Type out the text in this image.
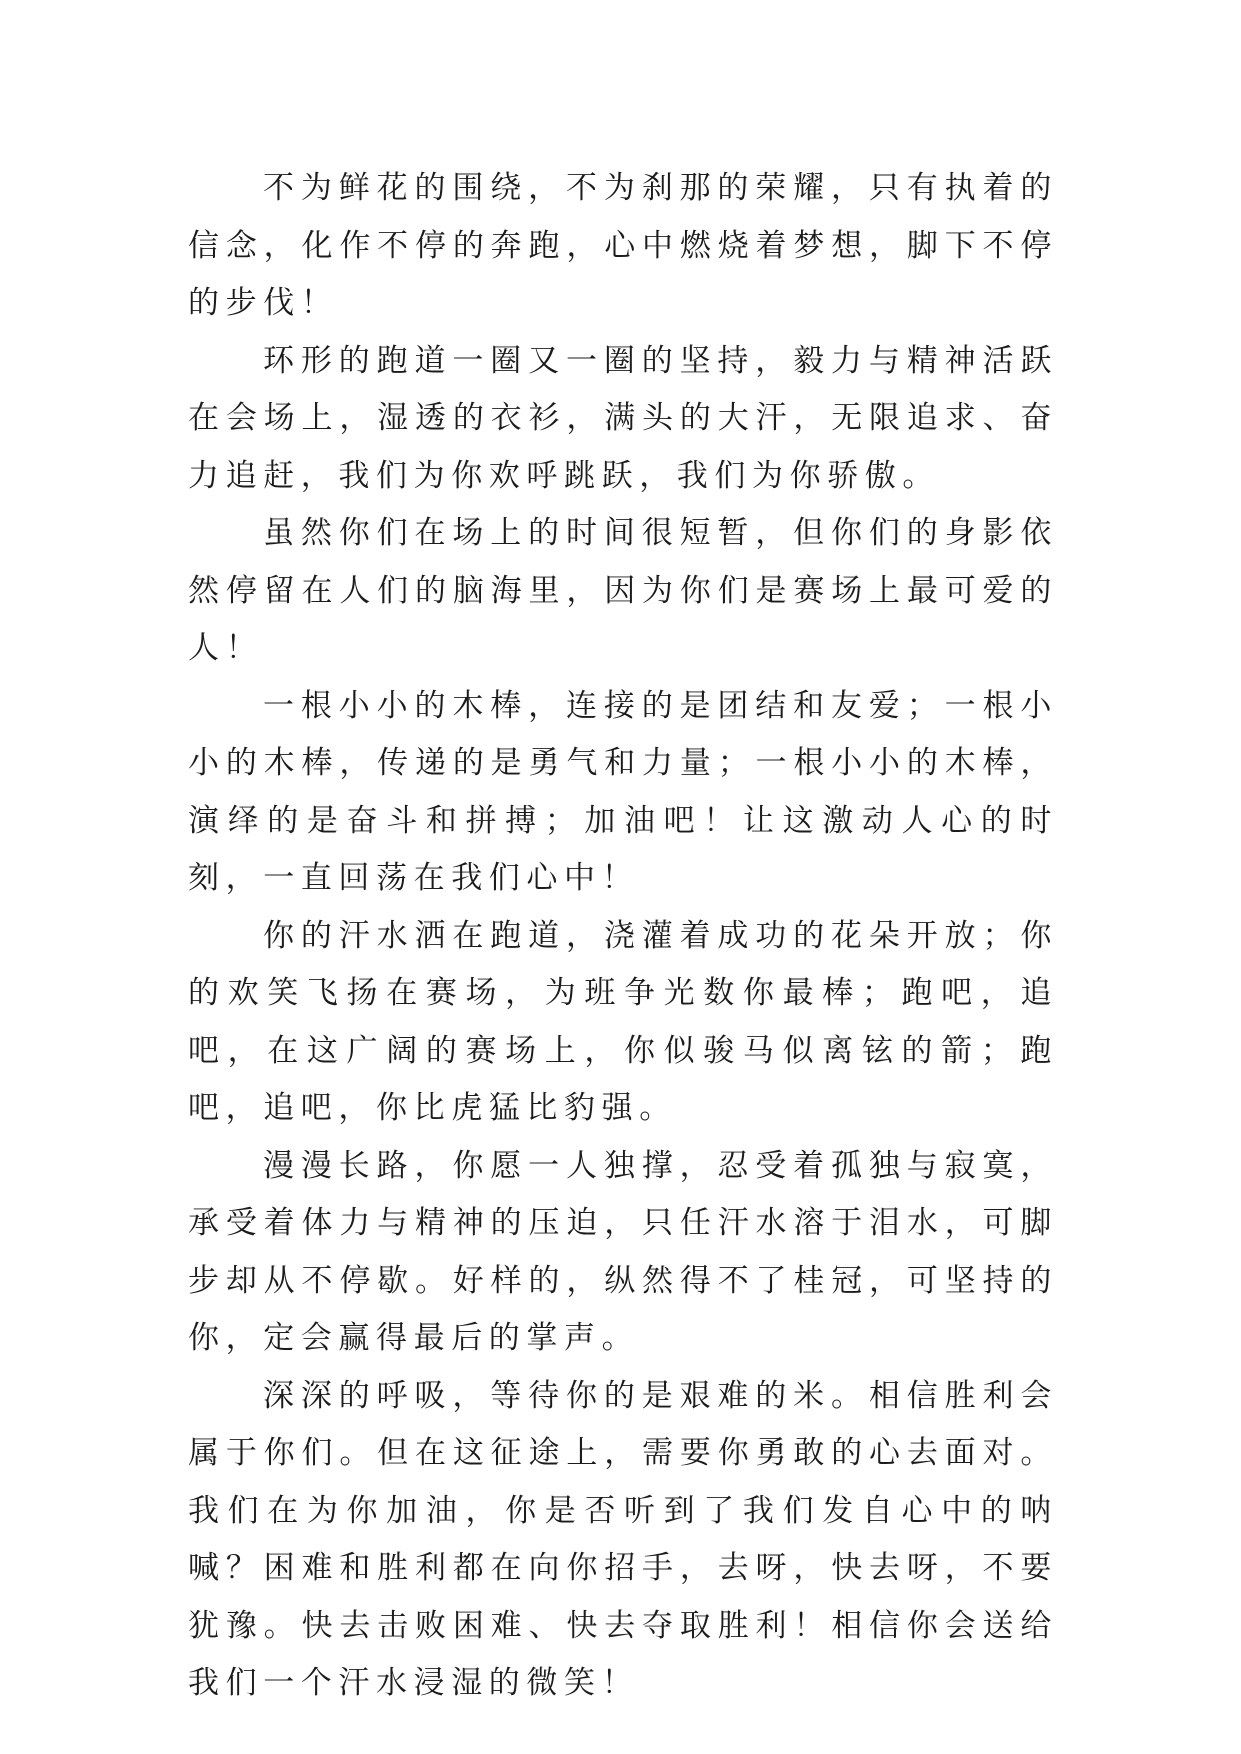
不为鲜花的围绕，不为刹那的荣耀，只有执着的信念，化作不停的奔跑，心中燃烧着梦想，脚下不停的步伐！

环形的跑道一圈又一圈的坚持，毅力与精神活跃在会场上，湿透的衣衫，满头的大汗，无限追求、奋力追赶，我们为你欢呼跳跃，我们为你骄傲。

虽然你们在场上的时间很短暂，但你们的身影依然停留在人们的脑海里，因为你们是赛场上最可爱的人！

一根小小的木棒，连接的是团结和友爱；一根小小的木棒，传递的是勇气和力量；一根小小的木棒，演绎的是奋斗和拼搏；加油吧！让这激动人心的时刻，一直回荡在我们心中！

你的汗水洒在跑道，浇灌着成功的花朵开放；你的欢笑飞扬在赛场，为班争光数你最棒；跑吧，追吧，在这广阔的赛场上，你似骏马似离铉的箭；跑吧，追吧，你比虎猛比豹强。

漫漫长路，你愿一人独撑，忍受着孤独与寂寞，承受着体力与精神的压迫，只任汗水溶于泪水，可脚步却从不停歇。好样的，纵然得不了桂冠，可坚持的你，定会赢得最后的掌声。

深深的呼吸，等待你的是艰难的米。相信胜利会属于你们。但在这征途上，需要你勇敢的心去面对。我们在为你加油，你是否听到了我们发自心中的呐喊？困难和胜利都在向你招手，去呀，快去呀，不要犹豫。快去击败困难、快去夺取胜利！相信你会送给我们一个汗水浸湿的微笑！
